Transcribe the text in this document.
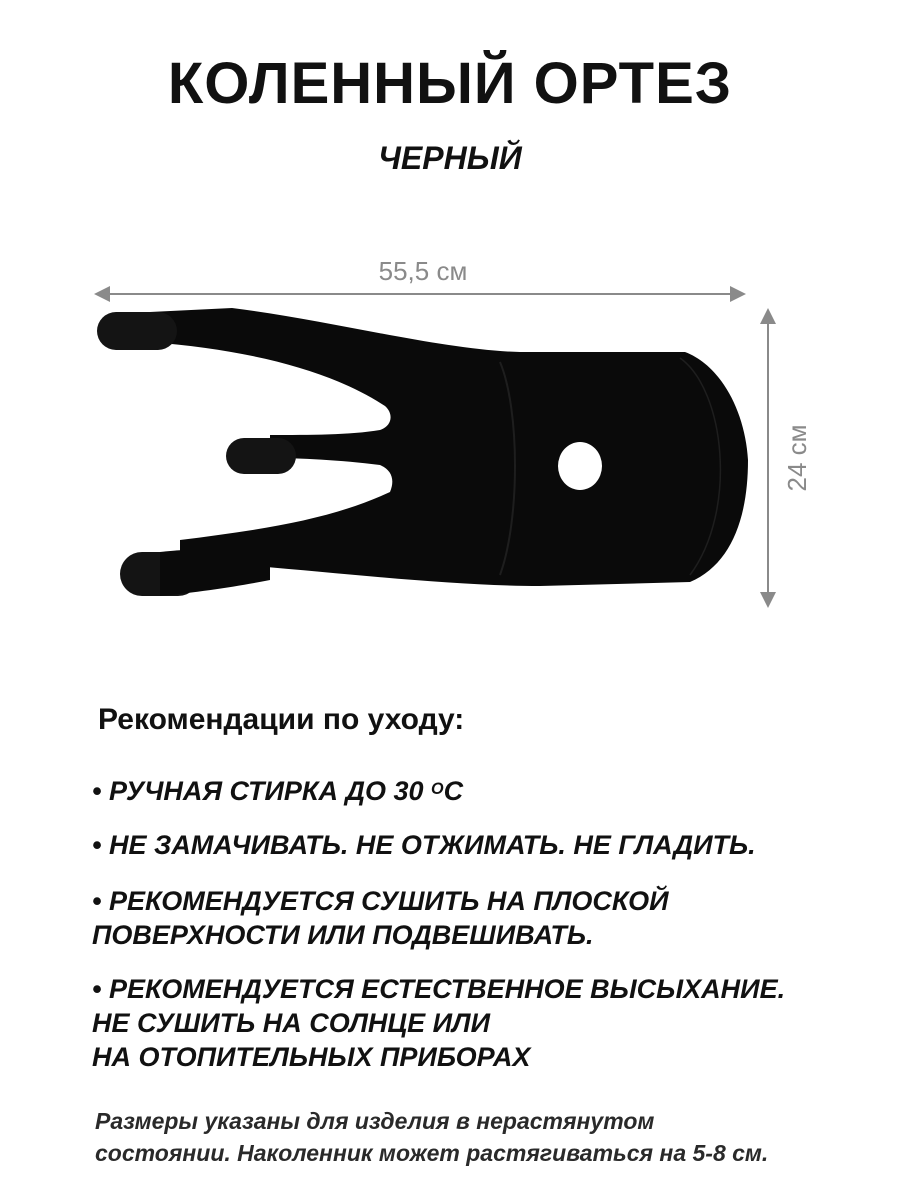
КОЛЕННЫЙ ОРТЕЗ
ЧЕРНЫЙ
55,5 см
24 см
Рекомендации по уходу:
• РУЧНАЯ СТИРКА ДО 30 $^О$С
• НЕ ЗАМАЧИВАТЬ. НЕ ОТЖИМАТЬ. НЕ ГЛАДИТЬ.
• РЕКОМЕНДУЕТСЯ СУШИТЬ НА ПЛОСКОЙ
ПОВЕРХНОСТИ ИЛИ ПОДВЕШИВАТЬ.
• РЕКОМЕНДУЕТСЯ ЕСТЕСТВЕННОЕ ВЫСЫХАНИЕ.
НЕ СУШИТЬ НА СОЛНЦЕ ИЛИ
НА ОТОПИТЕЛЬНЫХ ПРИБОРАХ

Размеры указаны для изделия в нерастянутом
состоянии. Наколенник может растягиваться на 5-8 см.
